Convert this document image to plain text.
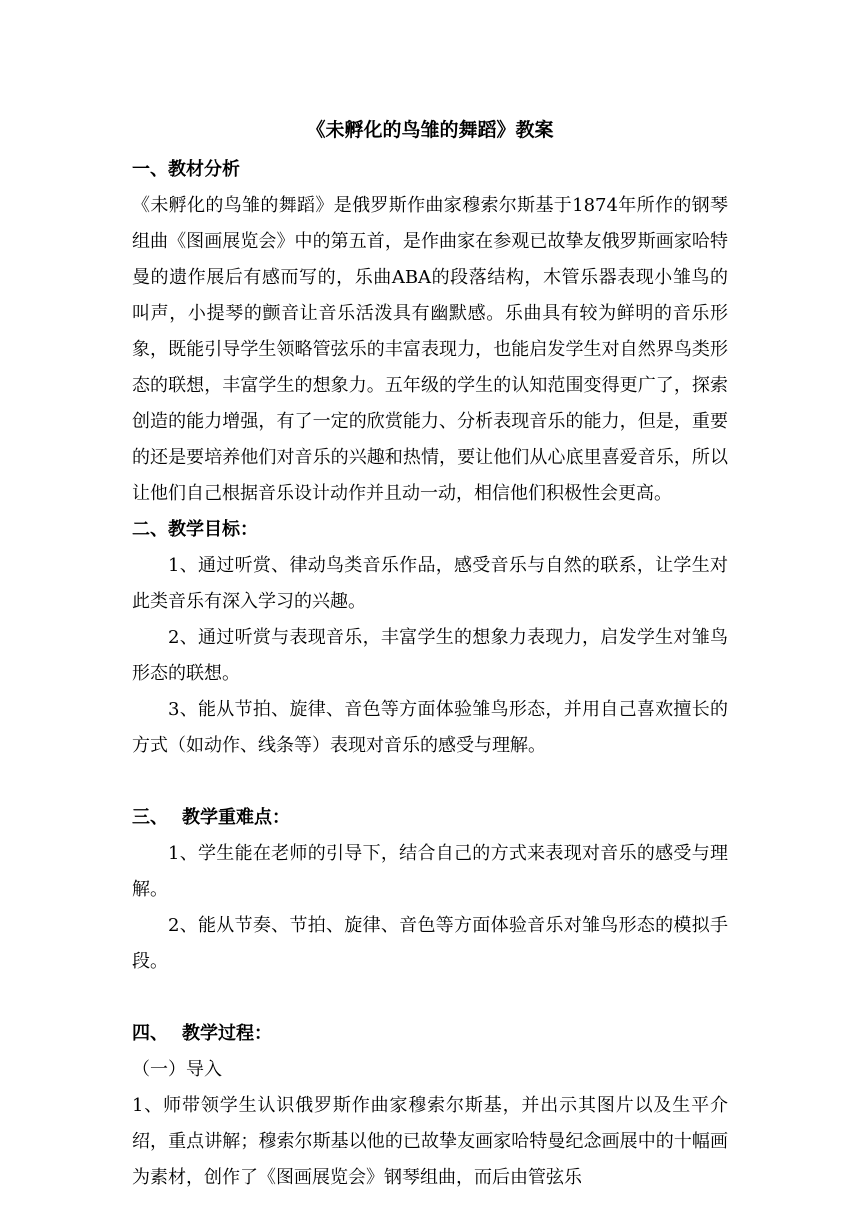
《未孵化的鸟雏的舞蹈》教案
一、教材分析

《未孵化的鸟雏的舞蹈》是俄罗斯作曲家穆索尔斯基于1874年所作的钢琴组曲《图画展览会》中的第五首，是作曲家在参观已故挚友俄罗斯画家哈特曼的遗作展后有感而写的，乐曲ABA的段落结构，木管乐器表现小雏鸟的叫声，小提琴的颤音让音乐活泼具有幽默感。乐曲具有较为鲜明的音乐形象，既能引导学生领略管弦乐的丰富表现力，也能启发学生对自然界鸟类形态的联想，丰富学生的想象力。五年级的学生的认知范围变得更广了，探索创造的能力增强，有了一定的欣赏能力、分析表现音乐的能力，但是，重要的还是要培养他们对音乐的兴趣和热情，要让他们从心底里喜爱音乐，所以让他们自己根据音乐设计动作并且动一动，相信他们积极性会更高。

二、教学目标：

1、通过听赏、律动鸟类音乐作品，感受音乐与自然的联系，让学生对此类音乐有深入学习的兴趣。

2、通过听赏与表现音乐，丰富学生的想象力表现力，启发学生对雏鸟形态的联想。

3、能从节拍、旋律、音色等方面体验雏鸟形态，并用自己喜欢擅长的方式（如动作、线条等）表现对音乐的感受与理解。

三、 教学重难点：

1、学生能在老师的引导下，结合自己的方式来表现对音乐的感受与理解。

2、能从节奏、节拍、旋律、音色等方面体验音乐对雏鸟形态的模拟手段。

四、 教学过程：

（一）导入

1、师带领学生认识俄罗斯作曲家穆索尔斯基，并出示其图片以及生平介绍，重点讲解；穆索尔斯基以他的已故挚友画家哈特曼纪念画展中的十幅画为素材，创作了《图画展览会》钢琴组曲，而后由管弦乐
